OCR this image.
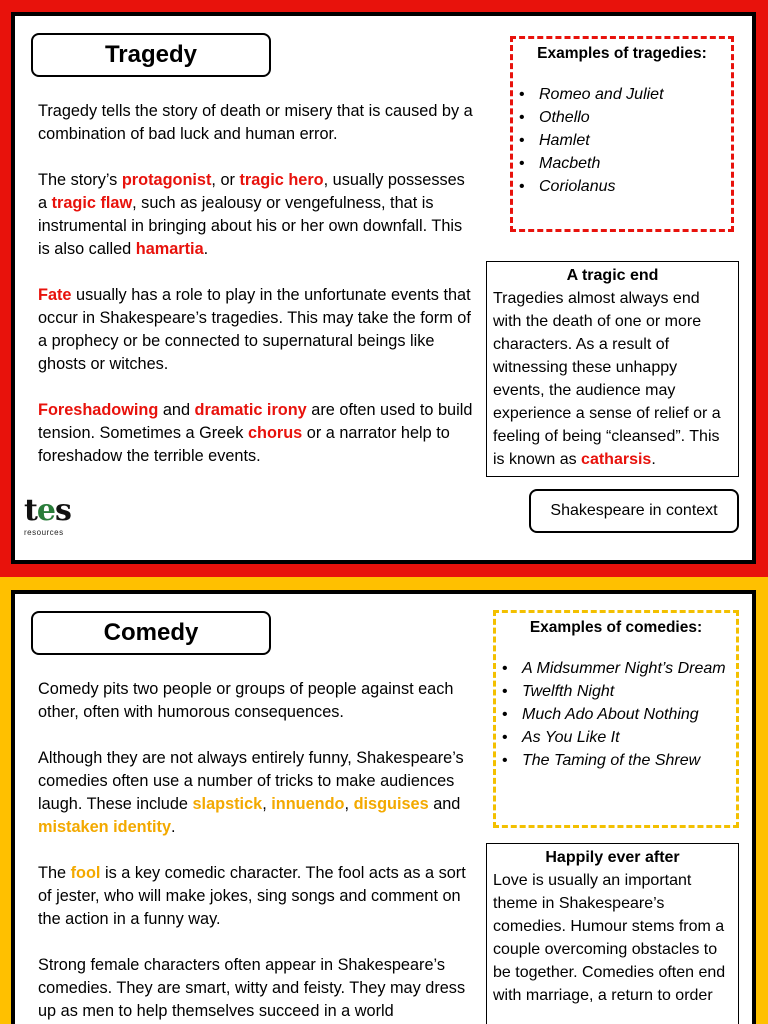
Tragedy

Tragedy tells the story of death or misery that is caused by a combination of bad luck and human error.

The story’s protagonist, or tragic hero, usually possesses a tragic flaw, such as jealousy or vengefulness, that is instrumental in bringing about his or her own downfall. This is also called hamartia.

Fate usually has a role to play in the unfortunate events that occur in Shakespeare’s tragedies. This may take the form of a prophecy or be connected to supernatural beings like ghosts or witches.

Foreshadowing and dramatic irony are often used to build tension. Sometimes a Greek chorus or a narrator help to foreshadow the terrible events.

Examples of tragedies:
• Romeo and Juliet
• Othello
• Hamlet
• Macbeth
• Coriolanus
A tragic end
Tragedies almost always end with the death of one or more characters. As a result of witnessing these unhappy events, the audience may experience a sense of relief or a feeling of being “cleansed”. This is known as catharsis.
tes
resources
Shakespeare in context
Comedy

Comedy pits two people or groups of people against each other, often with humorous consequences.

Although they are not always entirely funny, Shakespeare’s comedies often use a number of tricks to make audiences laugh. These include slapstick, innuendo, disguises and mistaken identity.

The fool is a key comedic character. The fool acts as a sort of jester, who will make jokes, sing songs and comment on the action in a funny way.

Strong female characters often appear in Shakespeare’s comedies. They are smart, witty and feisty. They may dress up as men to help themselves succeed in a world

Examples of comedies:
• A Midsummer Night’s Dream
• Twelfth Night
• Much Ado About Nothing
• As You Like It
• The Taming of the Shrew
Happily ever after
Love is usually an important theme in Shakespeare’s comedies. Humour stems from a couple overcoming obstacles to be together. Comedies often end with marriage, a return to order
